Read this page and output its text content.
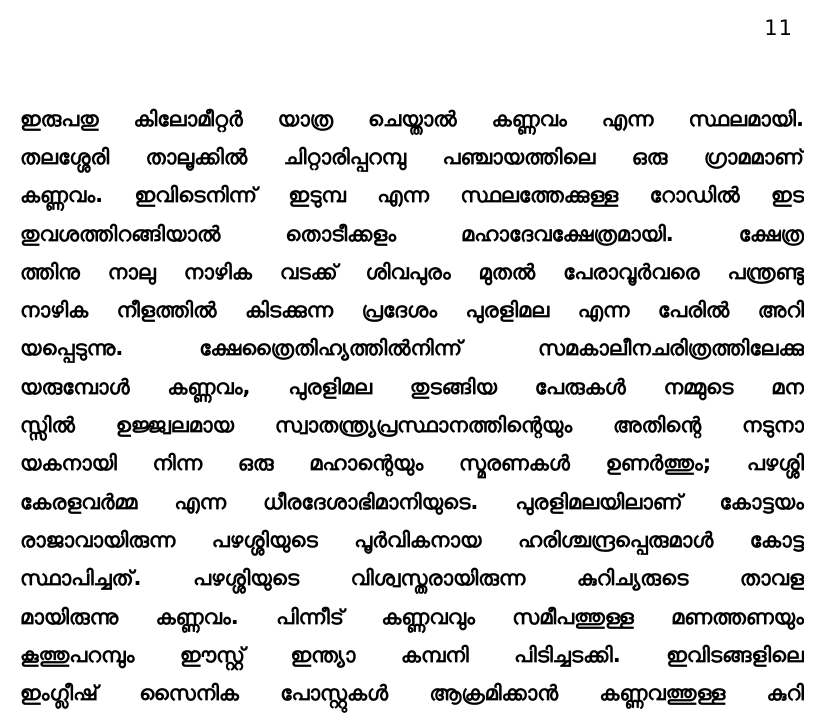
11
ഇരുപതു കിലോമീറ്റർ യാത്ര ചെയ്താൽ കണ്ണവം എന്ന സ്ഥലമായി.
തലശ്ശേരി താലൂക്കിൽ ചിറ്റാരിപ്പറമ്പു പഞ്ചായത്തിലെ ഒരു ഗ്രാമമാണ്
കണ്ണവം. ഇവിടെനിന്ന് ഇടുമ്പ എന്ന സ്ഥലത്തേക്കുള്ള റോഡിൽ ഇട
തുവശത്തിറങ്ങിയാൽ	തൊടീക്കളം	മഹാദേവക്ഷേത്രമായി.	ക്ഷേത്ര
ത്തിനു നാലു നാഴിക വടക്ക് ശിവപുരം മുതൽ പേരാവൂർവരെ പന്ത്രണ്ടു
നാഴിക നീളത്തിൽ കിടക്കുന്ന പ്രദേശം പുരളിമല എന്ന പേരിൽ അറി
യപ്പെടുന്നു.	ക്ഷേത്രൈതിഹ്യത്തിൽനിന്ന്	സമകാലീനചരിത്രത്തിലേക്കു
യരുമ്പോൾ കണ്ണവം, പുരളിമല തുടങ്ങിയ പേരുകൾ നമ്മുടെ മന
സ്സിൽ ഉജ്ജ്വലമായ സ്വാതന്ത്ര്യപ്രസ്ഥാനത്തിന്റെയും അതിന്റെ നടുനാ
യകനായി നിന്ന ഒരു മഹാന്റെയും സ്മരണകൾ ഉണർത്തും; പഴശ്ശി
കേരളവർമ്മ എന്ന ധീരദേശാഭിമാനിയുടെ. പുരളിമലയിലാണ് കോട്ടയം
രാജാവായിരുന്ന പഴശ്ശിയുടെ പൂർവികനായ ഹരിശ്ചന്ദ്രപ്പെരുമാൾ കോട്ട
സ്ഥാപിച്ചത്. പഴശ്ശിയുടെ വിശ്വസ്തരായിരുന്ന കുറിച്യരുടെ താവള
മായിരുന്നു കണ്ണവം. പിന്നീട് കണ്ണവവും സമീപത്തുള്ള മണത്തണയും
കൂത്തുപറമ്പും ഈസ്റ്റ് ഇന്ത്യാ കമ്പനി പിടിച്ചടക്കി. ഇവിടങ്ങളിലെ
ഇംഗ്ലീഷ് സൈനിക പോസ്റ്റുകൾ ആക്രമിക്കാൻ കണ്ണവത്തുള്ള കുറി
